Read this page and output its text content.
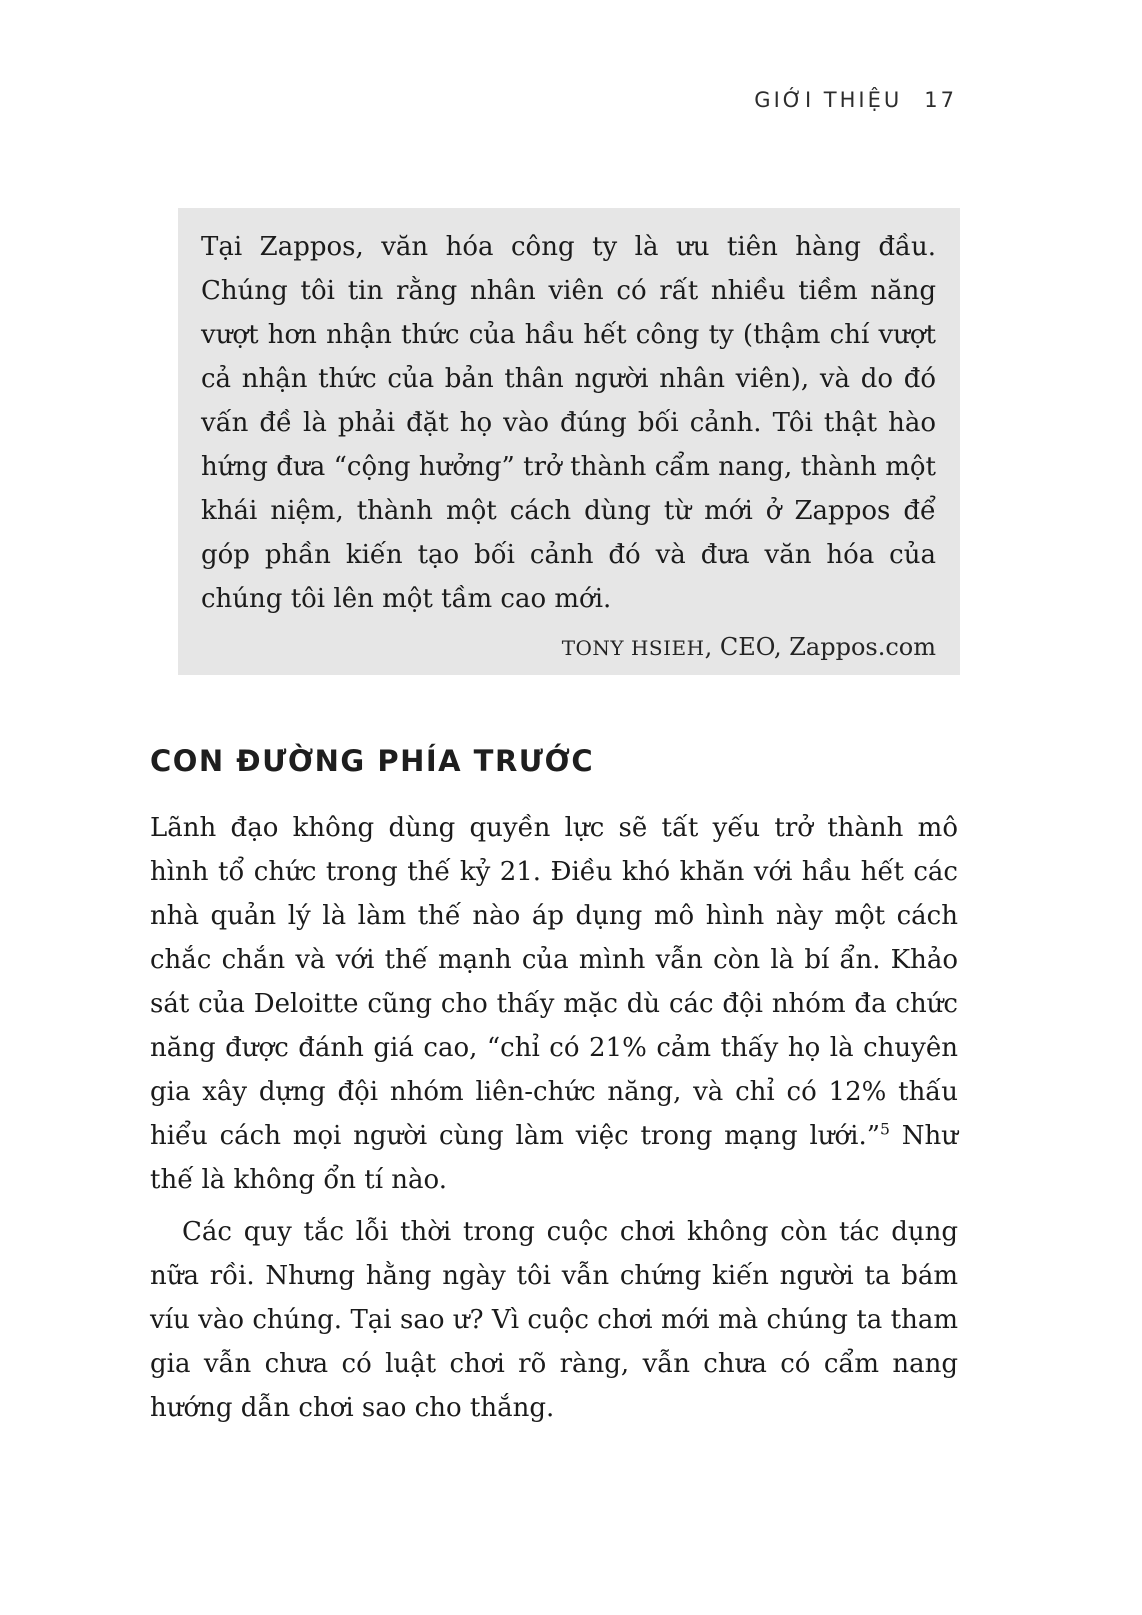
GIỚI THIỆU 17

Tại Zappos, văn hóa công ty là ưu tiên hàng đầu. Chúng tôi tin rằng nhân viên có rất nhiều tiềm năng vượt hơn nhận thức của hầu hết công ty (thậm chí vượt cả nhận thức của bản thân người nhân viên), và do đó vấn đề là phải đặt họ vào đúng bối cảnh. Tôi thật hào hứng đưa “cộng hưởng” trở thành cẩm nang, thành một khái niệm, thành một cách dùng từ mới ở Zappos để góp phần kiến tạo bối cảnh đó và đưa văn hóa của chúng tôi lên một tầm cao mới.

TONY HSIEH, CEO, Zappos.com

CON ĐƯỜNG PHÍA TRƯỚC

Lãnh đạo không dùng quyền lực sẽ tất yếu trở thành mô hình tổ chức trong thế kỷ 21. Điều khó khăn với hầu hết các nhà quản lý là làm thế nào áp dụng mô hình này một cách chắc chắn và với thế mạnh của mình vẫn còn là bí ẩn. Khảo sát của Deloitte cũng cho thấy mặc dù các đội nhóm đa chức năng được đánh giá cao, “chỉ có 21% cảm thấy họ là chuyên gia xây dựng đội nhóm liên-chức năng, và chỉ có 12% thấu hiểu cách mọi người cùng làm việc trong mạng lưới.”$^5$ Như thế là không ổn tí nào.

Các quy tắc lỗi thời trong cuộc chơi không còn tác dụng nữa rồi. Nhưng hằng ngày tôi vẫn chứng kiến người ta bám víu vào chúng. Tại sao ư? Vì cuộc chơi mới mà chúng ta tham gia vẫn chưa có luật chơi rõ ràng, vẫn chưa có cẩm nang hướng dẫn chơi sao cho thắng.
